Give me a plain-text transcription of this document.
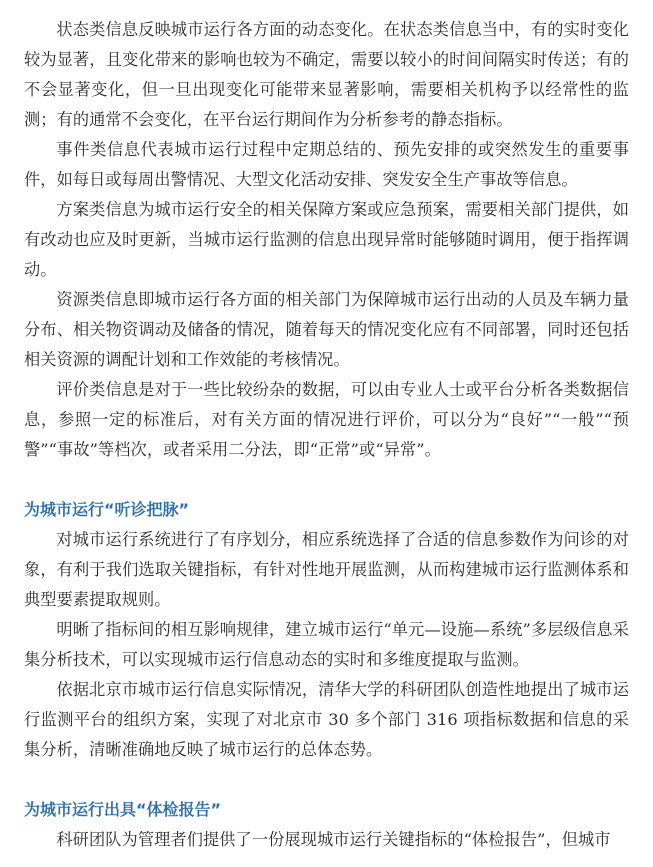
状态类信息反映城市运行各方面的动态变化。在状态类信息当中，有的实时变化较为显著，且变化带来的影响也较为不确定，需要以较小的时间间隔实时传送；有的不会显著变化，但一旦出现变化可能带来显著影响，需要相关机构予以经常性的监测；有的通常不会变化，在平台运行期间作为分析参考的静态指标。

事件类信息代表城市运行过程中定期总结的、预先安排的或突然发生的重要事件，如每日或每周出警情况、大型文化活动安排、突发安全生产事故等信息。

方案类信息为城市运行安全的相关保障方案或应急预案，需要相关部门提供，如有改动也应及时更新，当城市运行监测的信息出现异常时能够随时调用，便于指挥调动。

资源类信息即城市运行各方面的相关部门为保障城市运行出动的人员及车辆力量分布、相关物资调动及储备的情况，随着每天的情况变化应有不同部署，同时还包括相关资源的调配计划和工作效能的考核情况。

评价类信息是对于一些比较纷杂的数据，可以由专业人士或平台分析各类数据信息，参照一定的标准后，对有关方面的情况进行评价，可以分为“良好”“一般”“预警”“事故”等档次，或者采用二分法，即“正常”或“异常”。

为城市运行“听诊把脉”

对城市运行系统进行了有序划分，相应系统选择了合适的信息参数作为问诊的对象，有利于我们选取关键指标，有针对性地开展监测，从而构建城市运行监测体系和典型要素提取规则。

明晰了指标间的相互影响规律，建立城市运行“单元—设施—系统”多层级信息采集分析技术，可以实现城市运行信息动态的实时和多维度提取与监测。

依据北京市城市运行信息实际情况，清华大学的科研团队创造性地提出了城市运行监测平台的组织方案，实现了对北京市 30 多个部门 316 项指标数据和信息的采集分析，清晰准确地反映了城市运行的总体态势。

为城市运行出具“体检报告”

科研团队为管理者们提供了一份展现城市运行关键指标的“体检报告”，但城市
